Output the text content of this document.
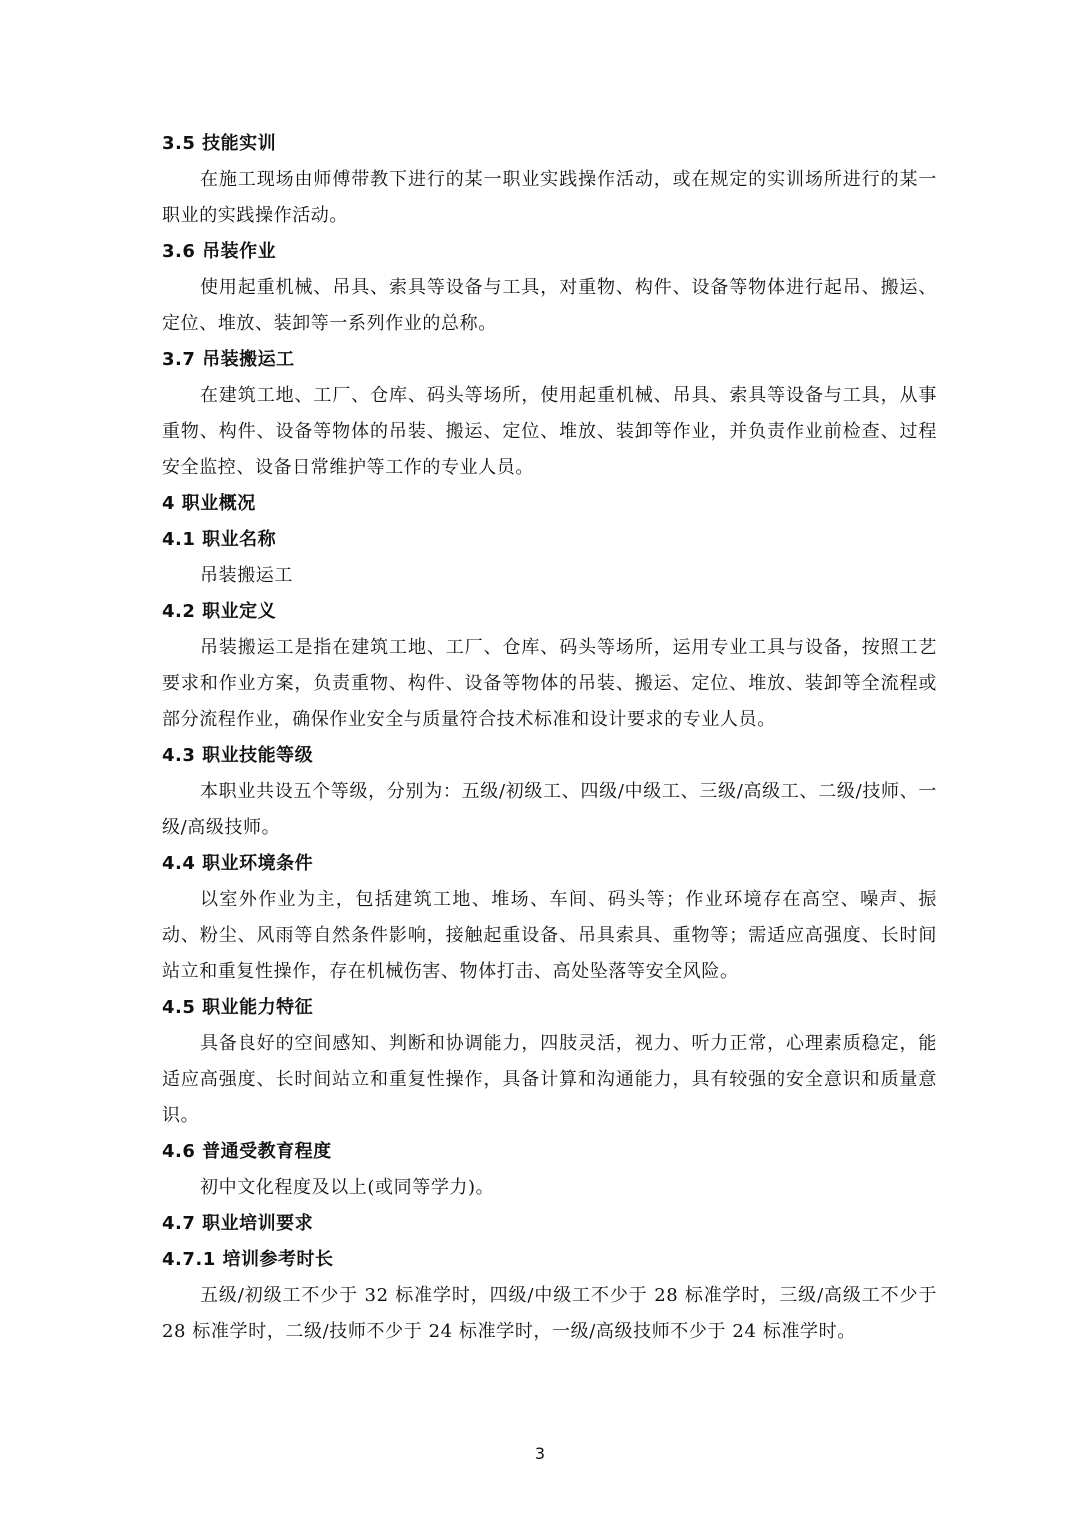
3.5 技能实训
在施工现场由师傅带教下进行的某一职业实践操作活动，或在规定的实训场所进行的某一职业的实践操作活动。
3.6 吊装作业
使用起重机械、吊具、索具等设备与工具，对重物、构件、设备等物体进行起吊、搬运、定位、堆放、装卸等一系列作业的总称。
3.7 吊装搬运工
在建筑工地、工厂、仓库、码头等场所，使用起重机械、吊具、索具等设备与工具，从事重物、构件、设备等物体的吊装、搬运、定位、堆放、装卸等作业，并负责作业前检查、过程安全监控、设备日常维护等工作的专业人员。
4 职业概况
4.1 职业名称
吊装搬运工
4.2 职业定义
吊装搬运工是指在建筑工地、工厂、仓库、码头等场所，运用专业工具与设备，按照工艺要求和作业方案，负责重物、构件、设备等物体的吊装、搬运、定位、堆放、装卸等全流程或部分流程作业，确保作业安全与质量符合技术标准和设计要求的专业人员。
4.3 职业技能等级
本职业共设五个等级，分别为：五级/初级工、四级/中级工、三级/高级工、二级/技师、一级/高级技师。
4.4 职业环境条件
以室外作业为主，包括建筑工地、堆场、车间、码头等；作业环境存在高空、噪声、振动、粉尘、风雨等自然条件影响，接触起重设备、吊具索具、重物等；需适应高强度、长时间站立和重复性操作，存在机械伤害、物体打击、高处坠落等安全风险。
4.5 职业能力特征
具备良好的空间感知、判断和协调能力，四肢灵活，视力、听力正常，心理素质稳定，能适应高强度、长时间站立和重复性操作，具备计算和沟通能力，具有较强的安全意识和质量意识。
4.6 普通受教育程度
初中文化程度及以上(或同等学力)。
4.7 职业培训要求
4.7.1 培训参考时长
五级/初级工不少于 32 标准学时，四级/中级工不少于 28 标准学时，三级/高级工不少于 28 标准学时，二级/技师不少于 24 标准学时，一级/高级技师不少于 24 标准学时。
3
